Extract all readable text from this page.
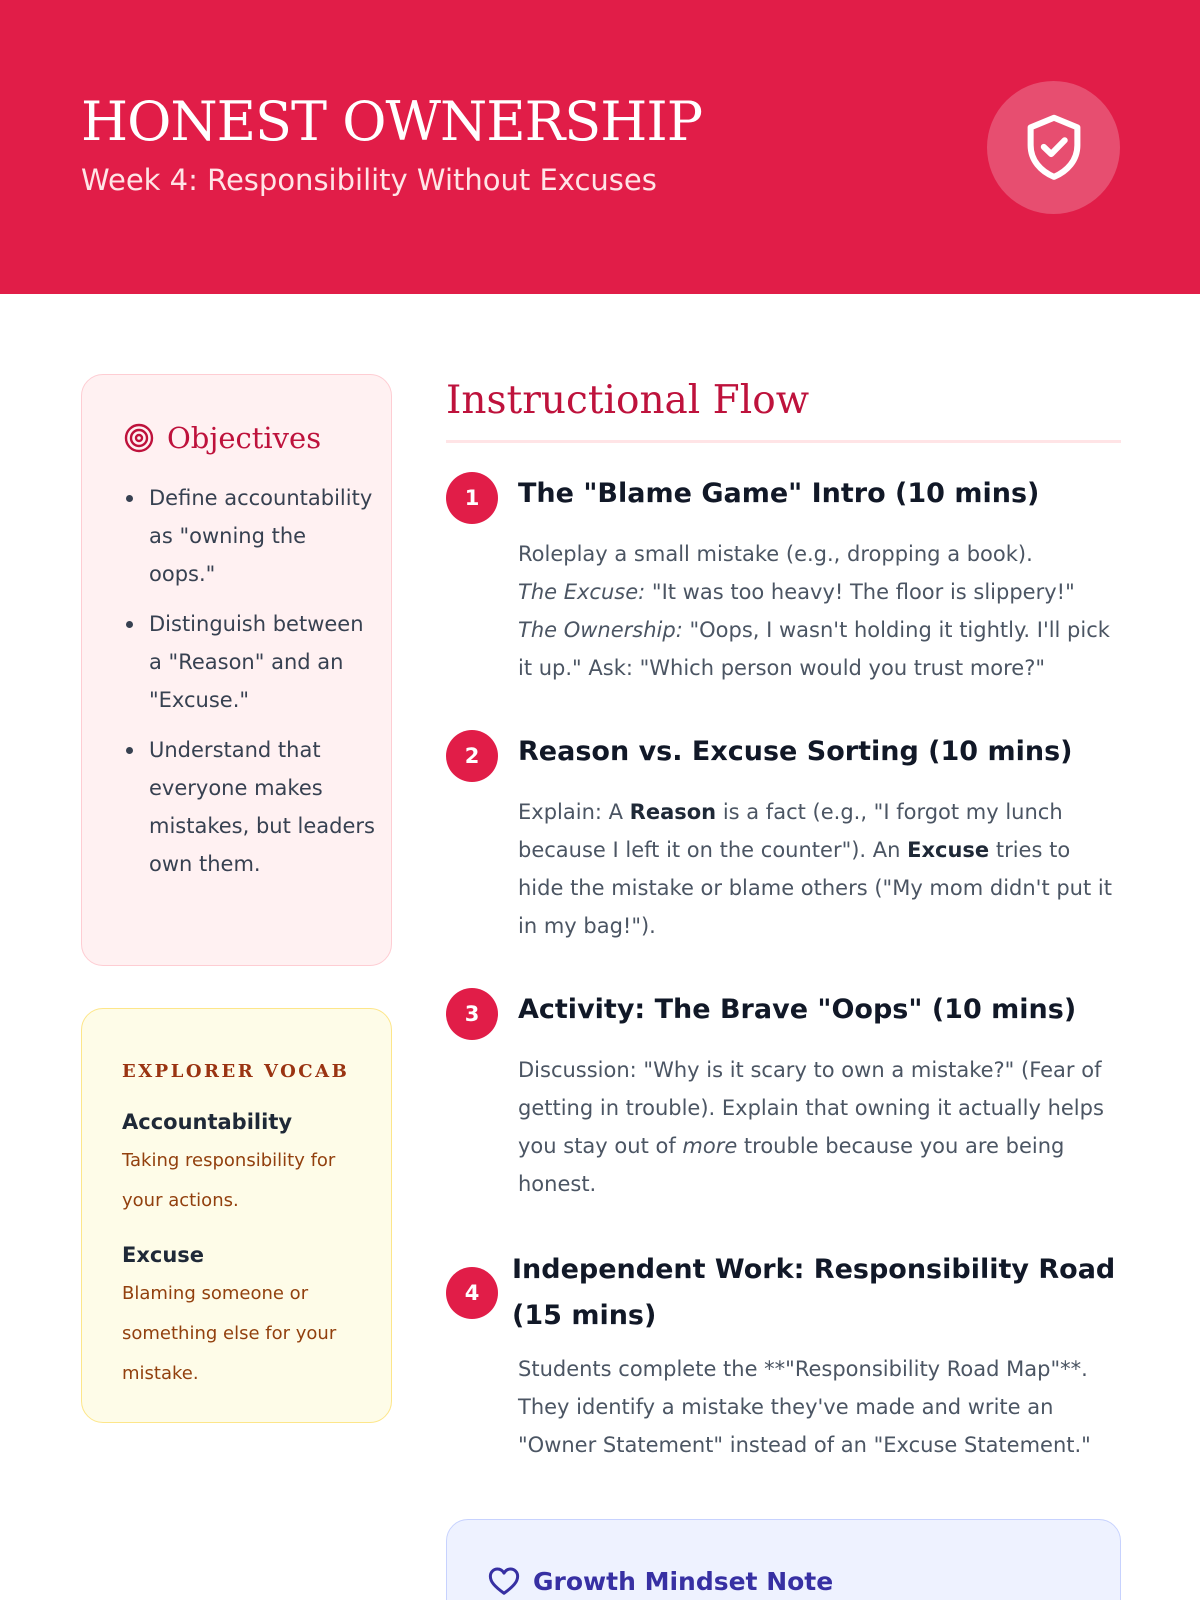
HONEST OWNERSHIP
Week 4: Responsibility Without Excuses
Objectives
Define accountability as "owning the oops."
Distinguish between a "Reason" and an "Excuse."
Understand that everyone makes mistakes, but leaders own them.
EXPLORER VOCAB
Accountability
Taking responsibility for your actions.
Excuse
Blaming someone or something else for your mistake.
Instructional Flow
1	The "Blame Game" Intro (10 mins)
Roleplay a small mistake (e.g., dropping a book).
The Excuse: "It was too heavy! The floor is slippery!"
The Ownership: "Oops, I wasn't holding it tightly. I'll pick it up." Ask: "Which person would you trust more?"
2	Reason vs. Excuse Sorting (10 mins)
Explain: A Reason is a fact (e.g., "I forgot my lunch because I left it on the counter"). An Excuse tries to hide the mistake or blame others ("My mom didn't put it in my bag!").
3	Activity: The Brave "Oops" (10 mins)
Discussion: "Why is it scary to own a mistake?" (Fear of getting in trouble). Explain that owning it actually helps you stay out of more trouble because you are being honest.
4
Independent Work: Responsibility Road (15 mins)
Students complete the **"Responsibility Road Map"**. They identify a mistake they've made and write an "Owner Statement" instead of an "Excuse Statement."
Growth Mindset Note
